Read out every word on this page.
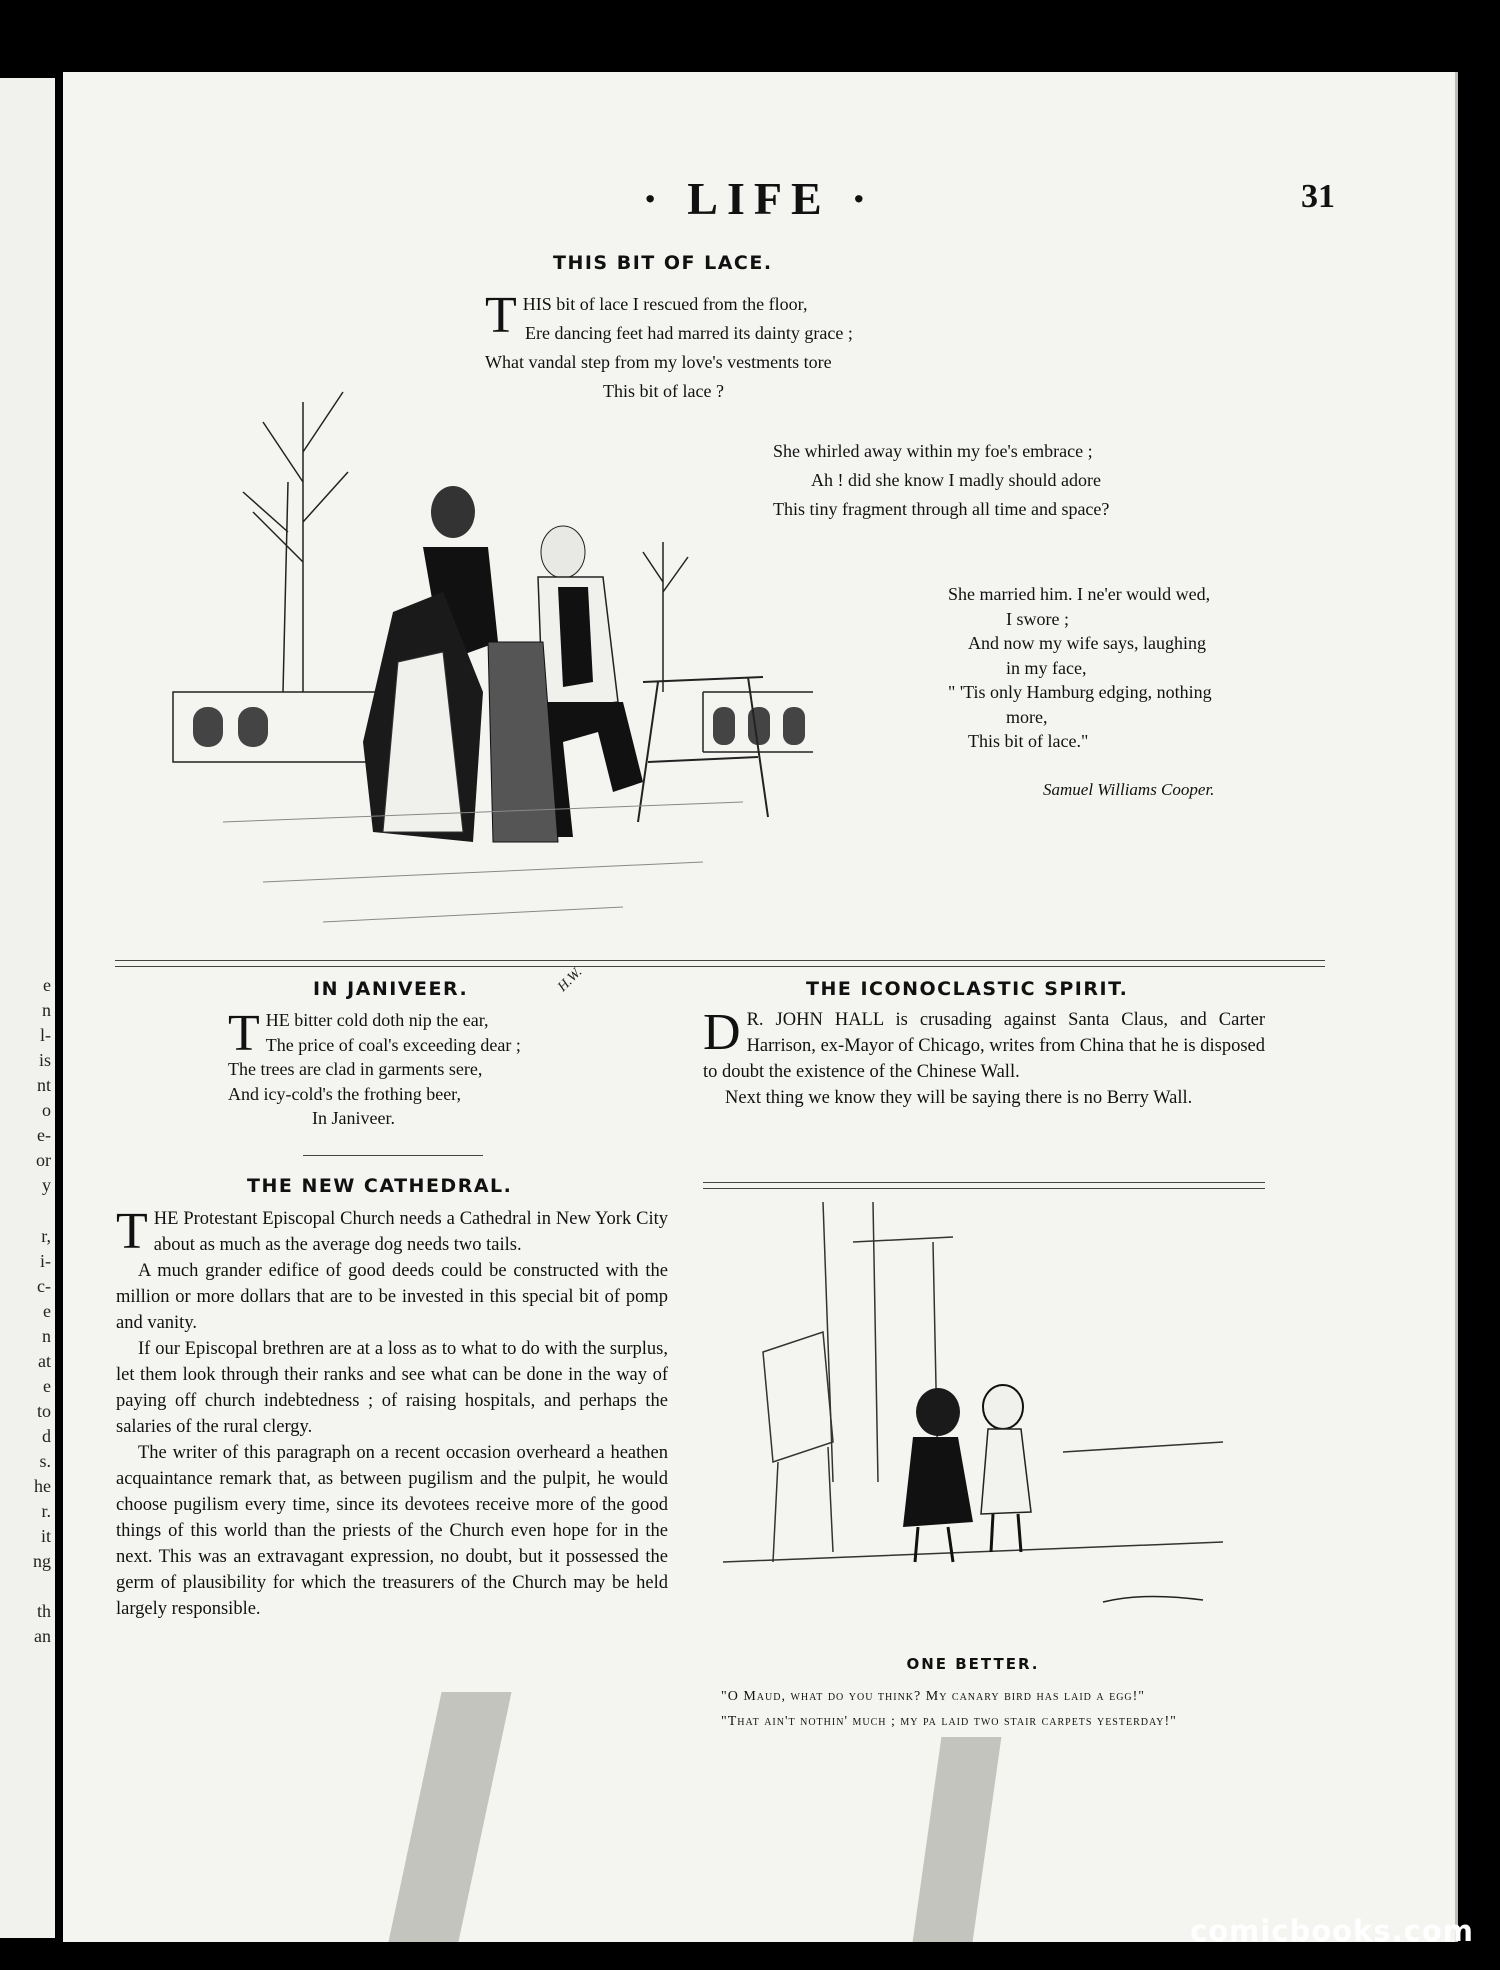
e
n
l-
is
nt
o
e-
or
y
r,
i-
c-
e
n
at
e
to
d
s.
he
r.
it
ng
th
an
· LIFE ·	31
THIS BIT OF LACE.
THIS bit of lace I rescued from the floor,
Ere dancing feet had marred its dainty grace ;
What vandal step from my love's vestments tore
This bit of lace ?
She whirled away within my foe's embrace ;
Ah ! did she know I madly should adore
This tiny fragment through all time and space?
She married him. I ne'er would wed,
I swore ;
And now my wife says, laughing
in my face,
" 'Tis only Hamburg edging, nothing
more,
This bit of lace."
Samuel Williams Cooper.
H.W.
IN JANIVEER.
THE bitter cold doth nip the ear,
The price of coal's exceeding dear ;
The trees are clad in garments sere,
And icy-cold's the frothing beer,
In Janiveer.
THE NEW CATHEDRAL.

THE Protestant Episcopal Church needs a Cathedral in New York City about as much as the average dog needs two tails.

A much grander edifice of good deeds could be constructed with the million or more dollars that are to be invested in this special bit of pomp and vanity.

If our Episcopal brethren are at a loss as to what to do with the surplus, let them look through their ranks and see what can be done in the way of paying off church indebtedness ; of raising hospitals, and perhaps the salaries of the rural clergy.

The writer of this paragraph on a recent occasion overheard a heathen acquaintance remark that, as between pugilism and the pulpit, he would choose pugilism every time, since its devotees receive more of the good things of this world than the priests of the Church even hope for in the next. This was an extravagant expression, no doubt, but it possessed the germ of plausibility for which the treasurers of the Church may be held largely responsible.

THE ICONOCLASTIC SPIRIT.

D R. JOHN HALL is crusading against Santa Claus, and Carter Harrison, ex-Mayor of Chicago, writes from China that he is disposed to doubt the existence of the Chinese Wall.

Next thing we know they will be saying there is no Berry Wall.

ONE BETTER.

"O Maud, what do you think? My canary bird has laid a egg!"

"That ain't nothin' much ; my pa laid two stair carpets yesterday!"

comicbooks.com
